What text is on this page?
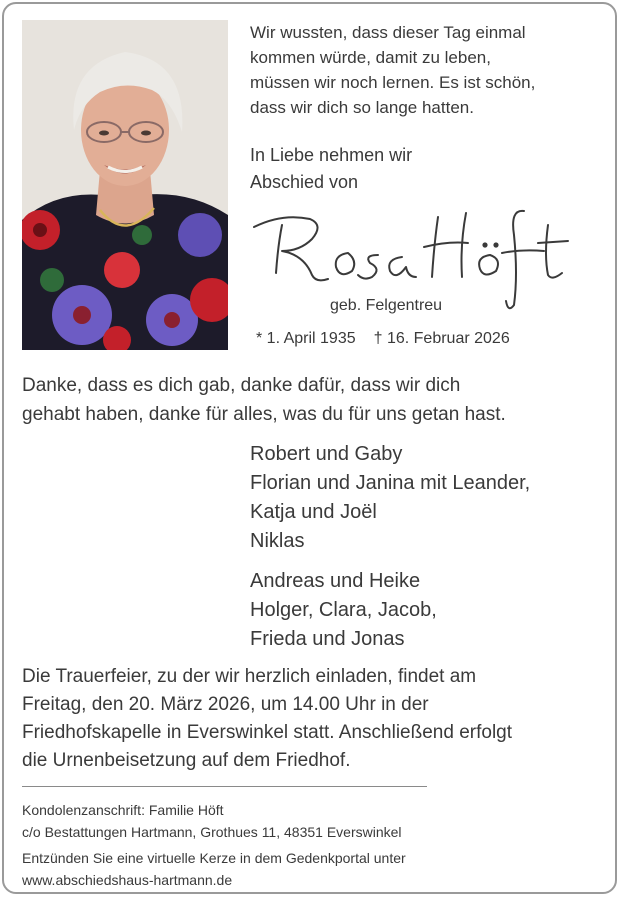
Wir wussten, dass dieser Tag einmal
kommen würde, damit zu leben,
müssen wir noch lernen. Es ist schön,
dass wir dich so lange hatten.
In Liebe nehmen wir
Abschied von
geb. Felgentreu
* 1. April 1935 † 16. Februar 2026
Danke, dass es dich gab, danke dafür, dass wir dich
gehabt haben, danke für alles, was du für uns getan hast.
Robert und Gaby
Florian und Janina mit Leander,
Katja und Joël
Niklas
Andreas und Heike
Holger, Clara, Jacob,
Frieda und Jonas
Die Trauerfeier, zu der wir herzlich einladen, findet am
Freitag, den 20. März 2026, um 14.00 Uhr in der
Friedhofskapelle in Everswinkel statt. Anschließend erfolgt
die Urnenbeisetzung auf dem Friedhof.
Kondolenzanschrift: Familie Höft
c/o Bestattungen Hartmann, Grothues 11, 48351 Everswinkel
Entzünden Sie eine virtuelle Kerze in dem Gedenkportal unter
www.abschiedshaus-hartmann.de
